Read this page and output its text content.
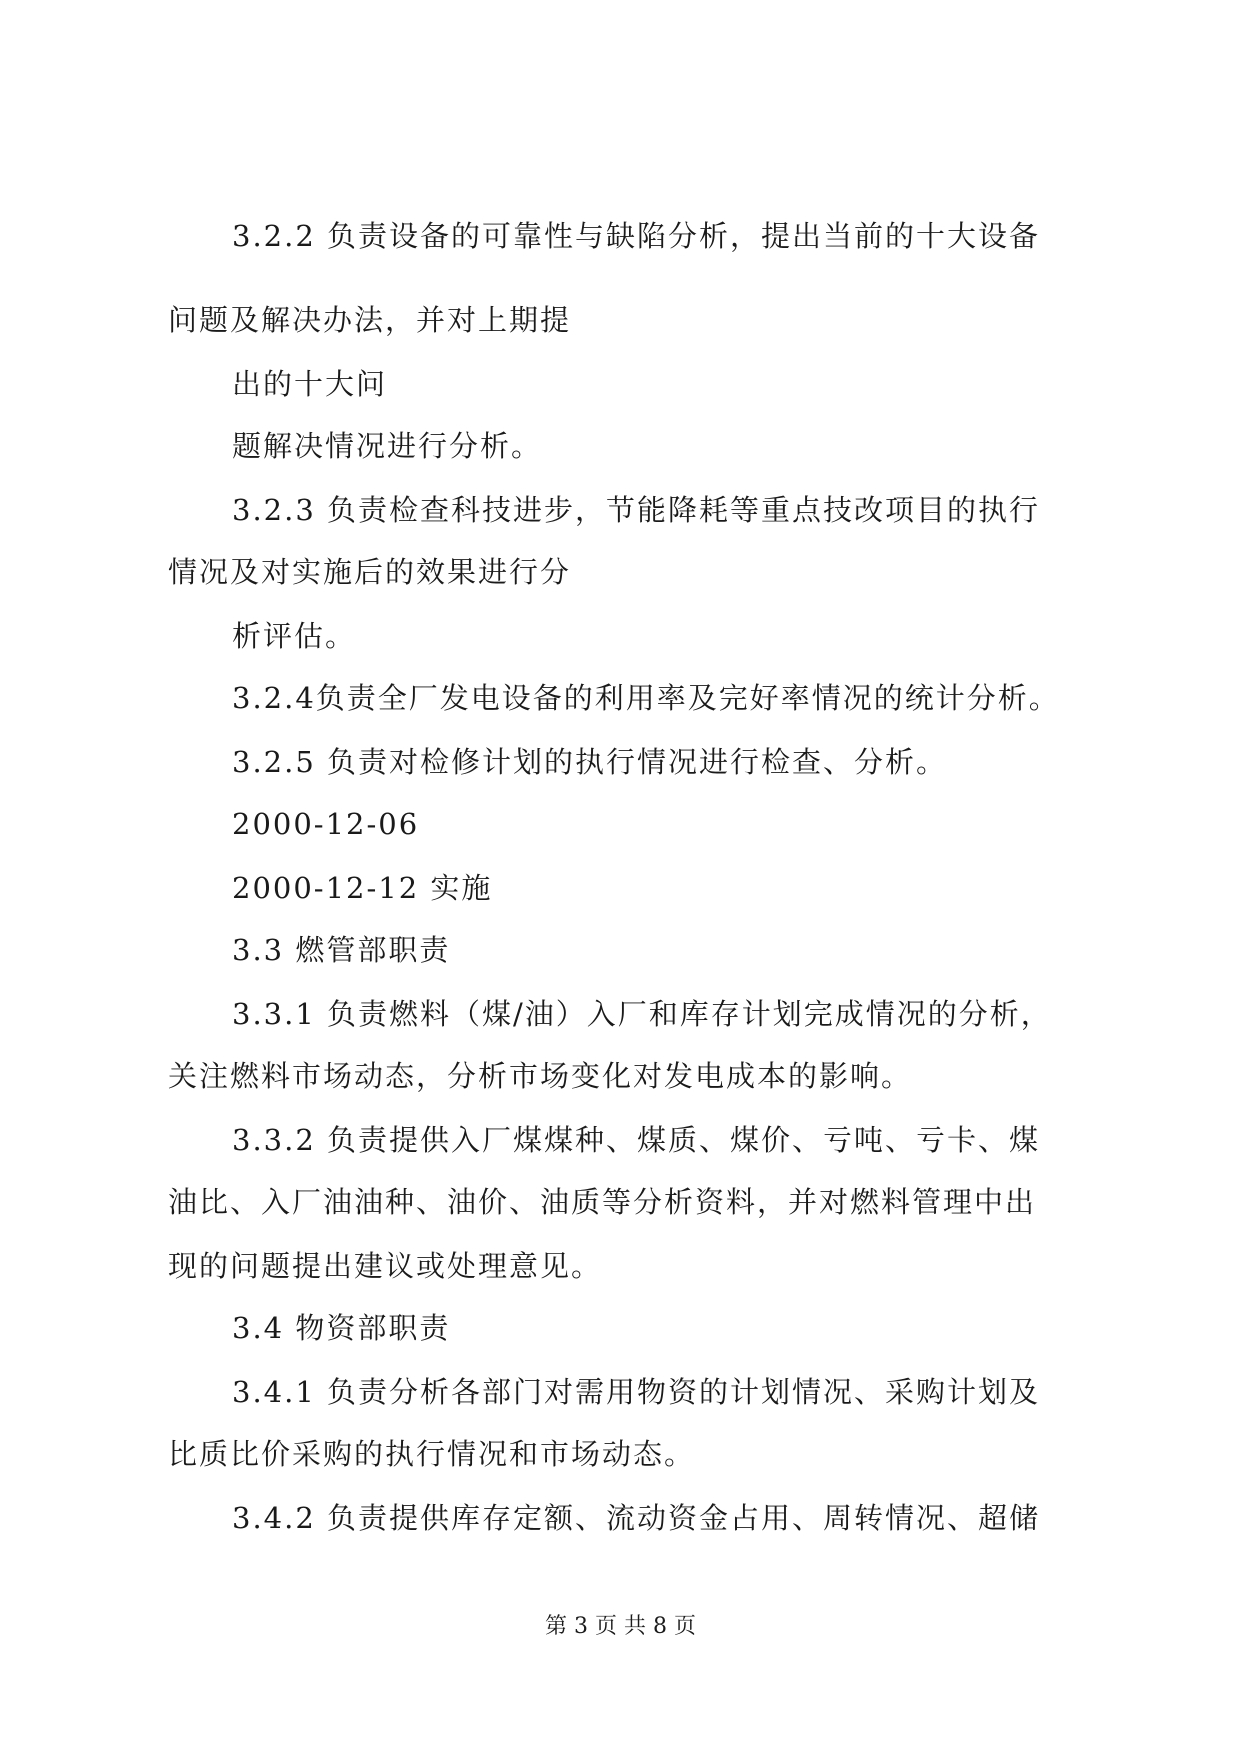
3.2.2 负责设备的可靠性与缺陷分析，提出当前的十大设备
问题及解决办法，并对上期提
出的十大问
题解决情况进行分析。
3.2.3 负责检查科技进步，节能降耗等重点技改项目的执行
情况及对实施后的效果进行分
析评估。
3.2.4负责全厂发电设备的利用率及完好率情况的统计分析。
3.2.5 负责对检修计划的执行情况进行检查、分析。
2000-12-06
2000-12-12 实施
3.3 燃管部职责
3.3.1 负责燃料（煤/油）入厂和库存计划完成情况的分析，
关注燃料市场动态，分析市场变化对发电成本的影响。
3.3.2 负责提供入厂煤煤种、煤质、煤价、亏吨、亏卡、煤
油比、入厂油油种、油价、油质等分析资料，并对燃料管理中出
现的问题提出建议或处理意见。
3.4 物资部职责
3.4.1 负责分析各部门对需用物资的计划情况、采购计划及
比质比价采购的执行情况和市场动态。
3.4.2 负责提供库存定额、流动资金占用、周转情况、超储
第 3 页 共 8 页
